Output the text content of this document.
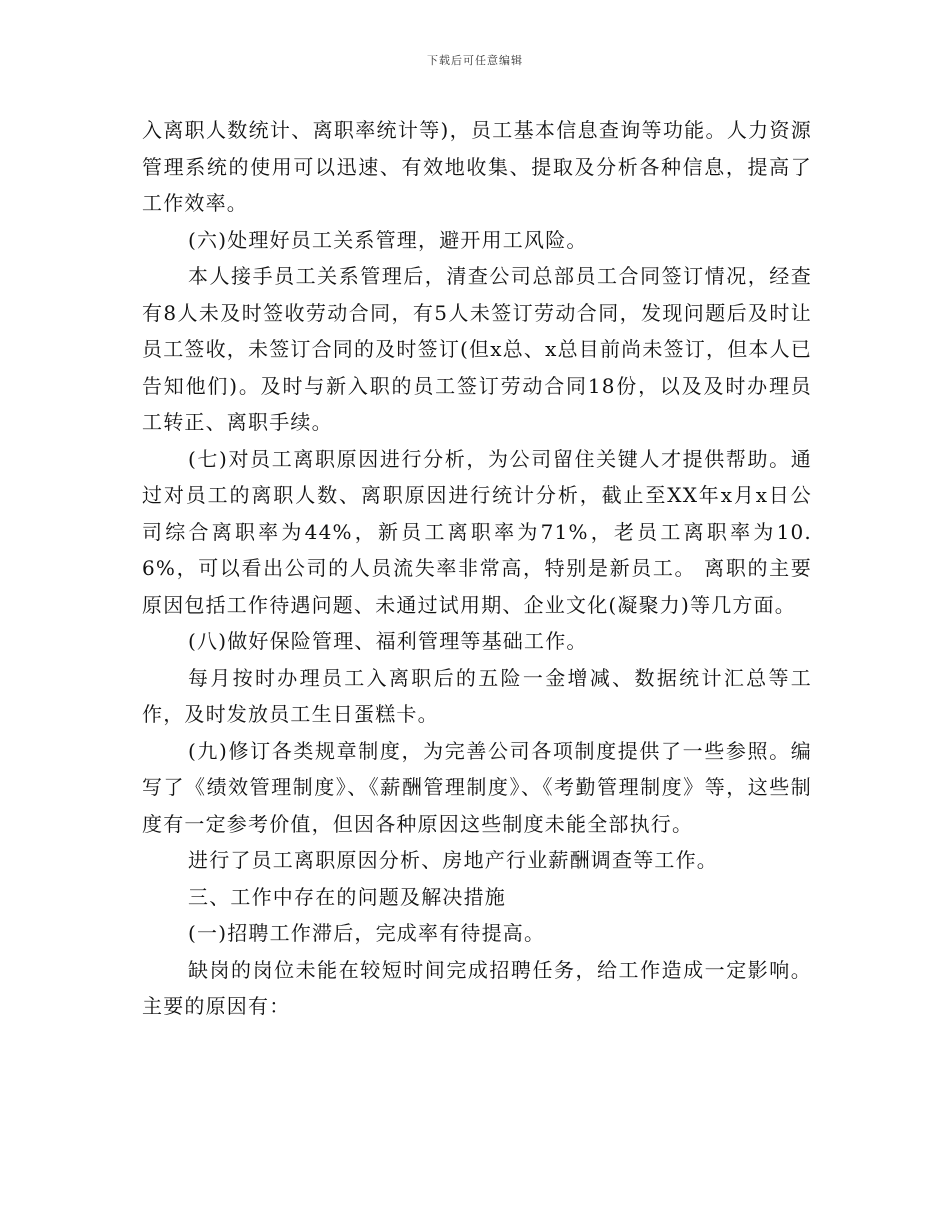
下载后可任意编辑

入离职人数统计、离职率统计等)，员工基本信息查询等功能。人力资源管理系统的使用可以迅速、有效地收集、提取及分析各种信息，提高了工作效率。

(六)处理好员工关系管理，避开用工风险。

本人接手员工关系管理后，清查公司总部员工合同签订情况，经查有8人未及时签收劳动合同，有5人未签订劳动合同，发现问题后及时让员工签收，未签订合同的及时签订(但x总、x总目前尚未签订，但本人已告知他们)。及时与新入职的员工签订劳动合同18份，以及及时办理员工转正、离职手续。

(七)对员工离职原因进行分析，为公司留住关键人才提供帮助。通过对员工的离职人数、离职原因进行统计分析，截止至XX年x月x日公司综合离职率为44%，新员工离职率为71%，老员工离职率为10.6%，可以看出公司的人员流失率非常高，特别是新员工。 离职的主要原因包括工作待遇问题、未通过试用期、企业文化(凝聚力)等几方面。

(八)做好保险管理、福利管理等基础工作。

每月按时办理员工入离职后的五险一金增减、数据统计汇总等工作，及时发放员工生日蛋糕卡。

(九)修订各类规章制度，为完善公司各项制度提供了一些参照。编写了《绩效管理制度》、《薪酬管理制度》、《考勤管理制度》等，这些制度有一定参考价值，但因各种原因这些制度未能全部执行。

进行了员工离职原因分析、房地产行业薪酬调查等工作。

三、工作中存在的问题及解决措施

(一)招聘工作滞后，完成率有待提高。

缺岗的岗位未能在较短时间完成招聘任务，给工作造成一定影响。主要的原因有：
